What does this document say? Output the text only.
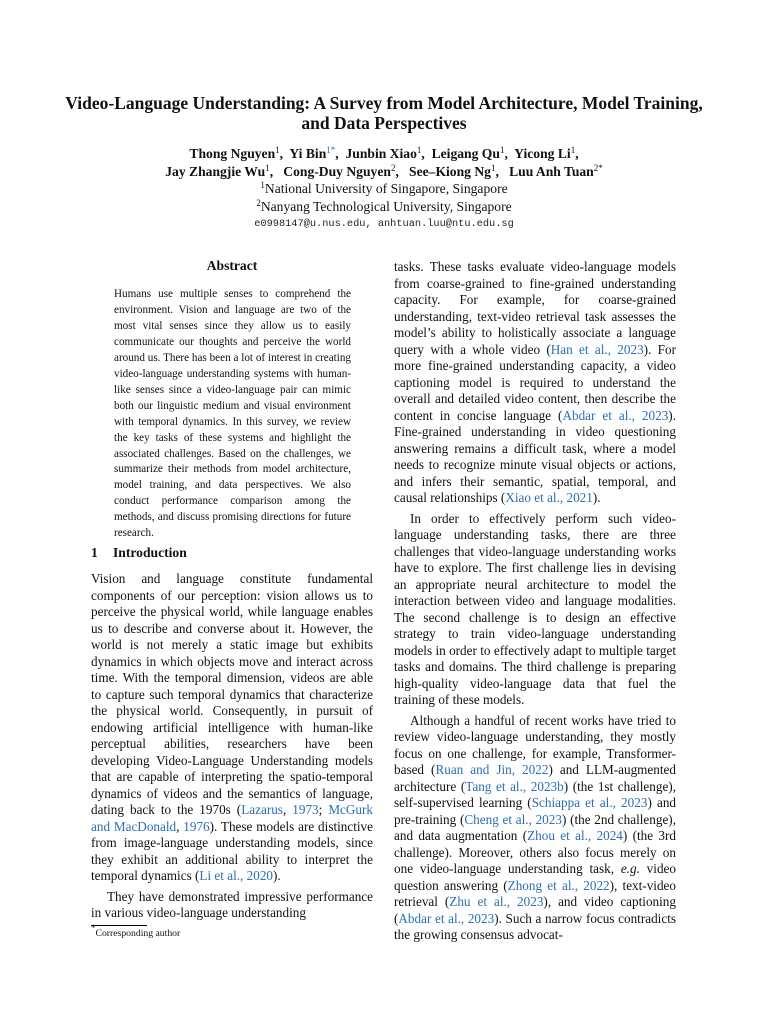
Video-Language Understanding: A Survey from Model Architecture, Model Training, and Data Perspectives
Thong Nguyen$^1$,  Yi Bin$^{1*}$,  Junbin Xiao$^1$,  Leigang Qu$^1$,  Yicong Li$^1$,
Jay Zhangjie Wu$^1$,   Cong-Duy Nguyen$^2$,   See–Kiong Ng$^1$,   Luu Anh Tuan$^{2*}$
$^1$National University of Singapore, Singapore
$^2$Nanyang Technological University, Singapore
e0998147@u.nus.edu, anhtuan.luu@ntu.edu.sg
Abstract
Humans use multiple senses to comprehend the environment. Vision and language are two of the most vital senses since they allow us to easily communicate our thoughts and perceive the world around us. There has been a lot of interest in creating video-language understanding systems with human-like senses since a video-language pair can mimic both our linguistic medium and visual environment with temporal dynamics. In this survey, we review the key tasks of these systems and highlight the associated challenges. Based on the challenges, we summarize their methods from model architecture, model training, and data perspectives. We also conduct performance comparison among the methods, and discuss promising directions for future research.
1 Introduction

Vision and language constitute fundamental components of our perception: vision allows us to perceive the physical world, while language enables us to describe and converse about it. However, the world is not merely a static image but exhibits dynamics in which objects move and interact across time. With the temporal dimension, videos are able to capture such temporal dynamics that characterize the physical world. Consequently, in pursuit of endowing artificial intelligence with human-like perceptual abilities, researchers have been developing Video-Language Understanding models that are capable of interpreting the spatio-temporal dynamics of videos and the semantics of language, dating back to the 1970s (Lazarus, 1973; McGurk and MacDonald, 1976). These models are distinctive from image-language understanding models, since they exhibit an additional ability to interpret the temporal dynamics (Li et al., 2020).

They have demonstrated impressive performance in various video-language understanding

tasks. These tasks evaluate video-language models from coarse-grained to fine-grained understanding capacity. For example, for coarse-grained understanding, text-video retrieval task assesses the model’s ability to holistically associate a language query with a whole video (Han et al., 2023). For more fine-grained understanding capacity, a video captioning model is required to understand the overall and detailed video content, then describe the content in concise language (Abdar et al., 2023). Fine-grained understanding in video questioning answering remains a difficult task, where a model needs to recognize minute visual objects or actions, and infers their semantic, spatial, temporal, and causal relationships (Xiao et al., 2021).

In order to effectively perform such video-language understanding tasks, there are three challenges that video-language understanding works have to explore. The first challenge lies in devising an appropriate neural architecture to model the interaction between video and language modalities. The second challenge is to design an effective strategy to train video-language understanding models in order to effectively adapt to multiple target tasks and domains. The third challenge is preparing high-quality video-language data that fuel the training of these models.

Although a handful of recent works have tried to review video-language understanding, they mostly focus on one challenge, for example, Transformer-based (Ruan and Jin, 2022) and LLM-augmented architecture (Tang et al., 2023b) (the 1st challenge), self-supervised learning (Schiappa et al., 2023) and pre-training (Cheng et al., 2023) (the 2nd challenge), and data augmentation (Zhou et al., 2024) (the 3rd challenge). Moreover, others also focus merely on one video-language understanding task, e.g. video question answering (Zhong et al., 2022), text-video retrieval (Zhu et al., 2023), and video captioning (Abdar et al., 2023). Such a narrow focus contradicts the growing consensus advocat-

*Corresponding author
